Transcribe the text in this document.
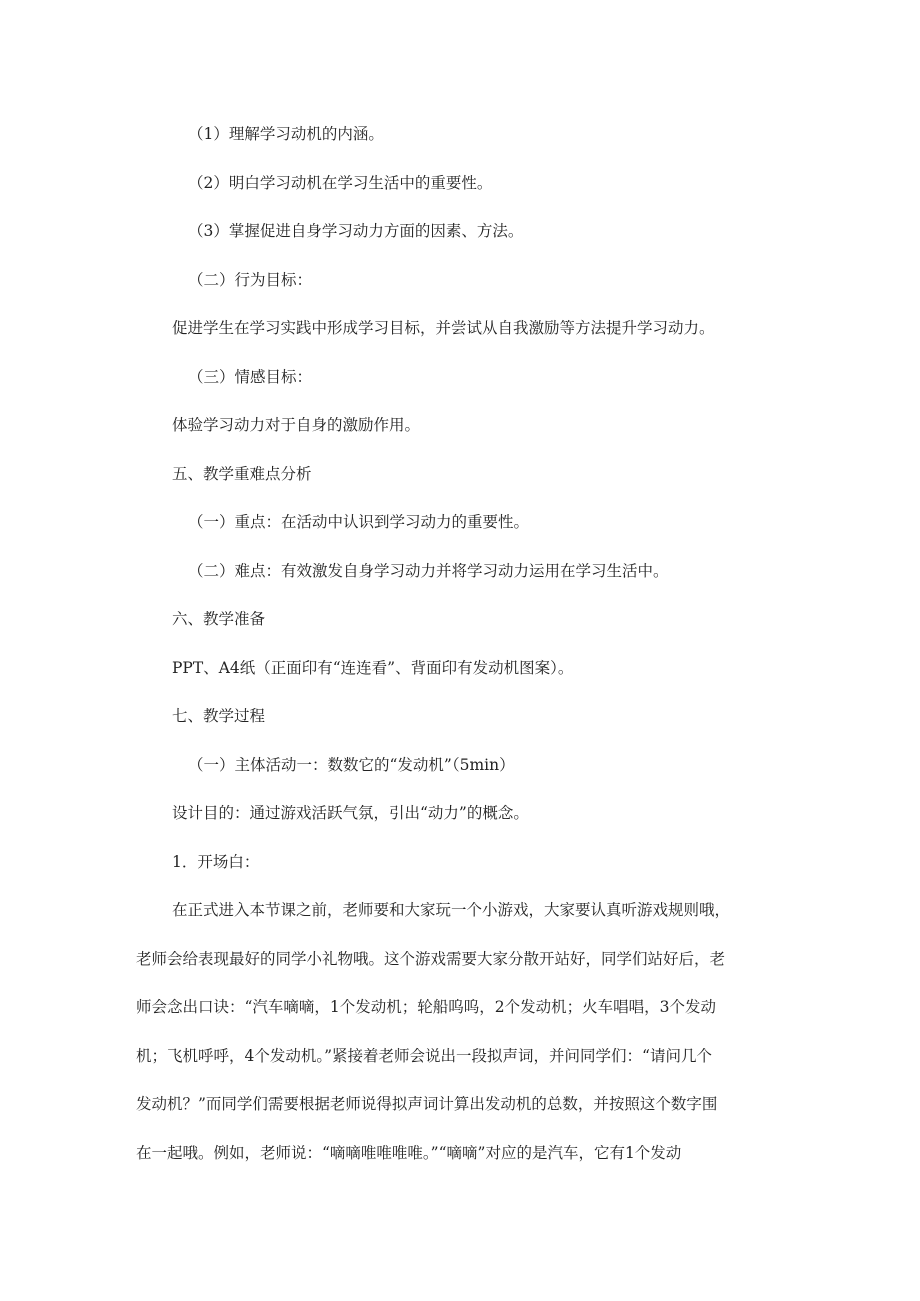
（1）理解学习动机的内涵。
（2）明白学习动机在学习生活中的重要性。
（3）掌握促进自身学习动力方面的因素、方法。
（二）行为目标：
促进学生在学习实践中形成学习目标，并尝试从自我激励等方法提升学习动力。
（三）情感目标：
体验学习动力对于自身的激励作用。
五、教学重难点分析
（一）重点：在活动中认识到学习动力的重要性。
（二）难点：有效激发自身学习动力并将学习动力运用在学习生活中。
六、教学准备
PPT、A4纸（正面印有“连连看”、背面印有发动机图案）。
七、教学过程
（一）主体活动一：数数它的“发动机”（5min）
设计目的：通过游戏活跃气氛，引出“动力”的概念。
1．开场白：
在正式进入本节课之前，老师要和大家玩一个小游戏，大家要认真听游戏规则哦，
老师会给表现最好的同学小礼物哦。这个游戏需要大家分散开站好，同学们站好后，老
师会念出口诀：“汽车嘀嘀，1个发动机；轮船呜呜，2个发动机；火车唱唱，3个发动
机；飞机呼呼，4个发动机。”紧接着老师会说出一段拟声词，并问同学们：“请问几个
发动机？”而同学们需要根据老师说得拟声词计算出发动机的总数，并按照这个数字围
在一起哦。例如，老师说：“嘀嘀唯唯唯唯。”“嘀嘀”对应的是汽车，它有1个发动
